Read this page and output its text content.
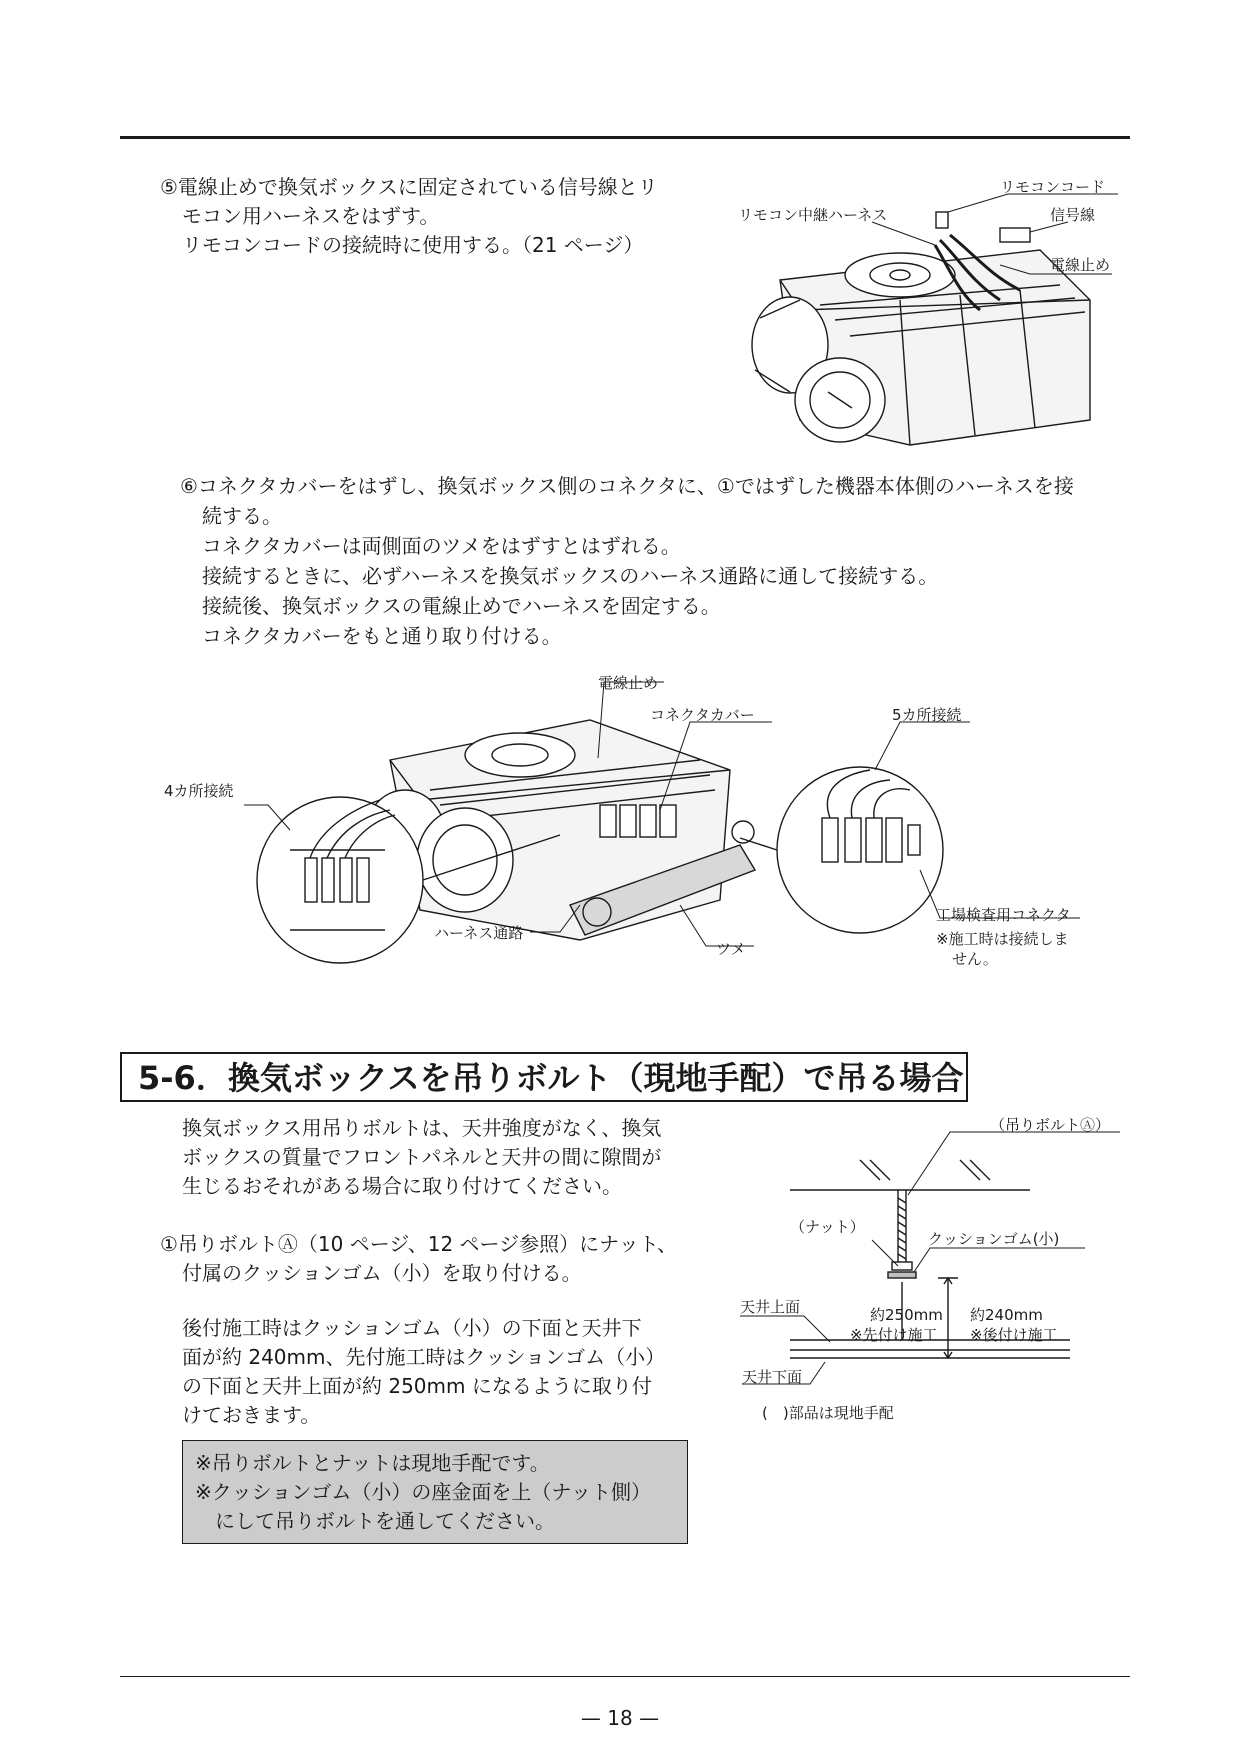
⑤電線止めで換気ボックスに固定されている信号線とリ
モコン用ハーネスをはずす。
リモコンコードの接続時に使用する。（21 ページ）
リモコンコード
リモコン中継ハーネス	信号線
電線止め
⑥コネクタカバーをはずし、換気ボックス側のコネクタに、①ではずした機器本体側のハーネスを接
続する。
コネクタカバーは両側面のツメをはずすとはずれる。
接続するときに、必ずハーネスを換気ボックスのハーネス通路に通して接続する。
接続後、換気ボックスの電線止めでハーネスを固定する。
コネクタカバーをもと通り取り付ける。
電線止め
コネクタカバー	5カ所接続
4カ所接続
ハーネス通路
ツメ
工場検査用コネクタ
※施工時は接続しま
せん。
5-6．換気ボックスを吊りボルト（現地手配）で吊る場合
換気ボックス用吊りボルトは、天井強度がなく、換気
ボックスの質量でフロントパネルと天井の間に隙間が
生じるおそれがある場合に取り付けてください。
①吊りボルトⒶ（10 ページ、12 ページ参照）にナット、
付属のクッションゴム（小）を取り付ける。
後付施工時はクッションゴム（小）の下面と天井下
面が約 240mm、先付施工時はクッションゴム（小）
の下面と天井上面が約 250mm になるように取り付
けておきます。
※吊りボルトとナットは現地手配です。
※クッションゴム（小）の座金面を上（ナット側）
にして吊りボルトを通してください。
（吊りボルトⒶ）
（ナット）
クッションゴム(小)
天井上面	約250mm
※先付け施工
約240mm
※後付け施工
天井下面
(　)部品は現地手配
— 18 —
